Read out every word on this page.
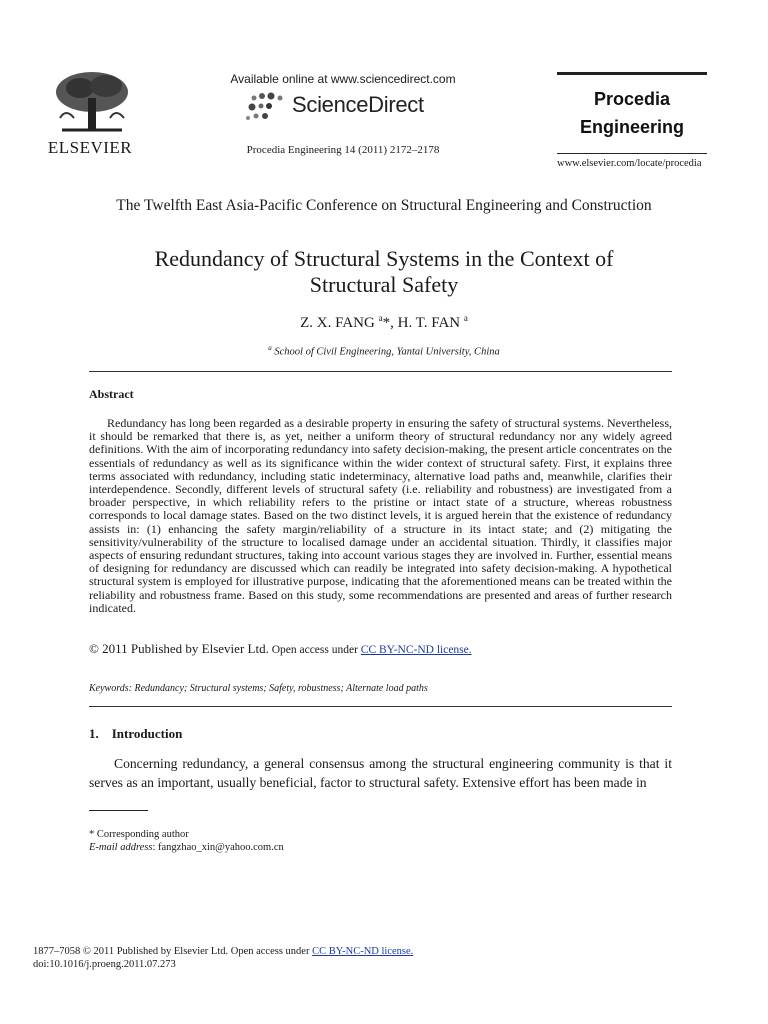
ELSEVIER
Available online at www.sciencedirect.com
ScienceDirect
Procedia Engineering 14 (2011) 2172–2178
Procedia
Engineering
www.elsevier.com/locate/procedia
The Twelfth East Asia-Pacific Conference on Structural Engineering and Construction
Redundancy of Structural Systems in the Context of
Structural Safety
Z. X. FANG $^a$*, H. T. FAN $^a$
$^a$ School of Civil Engineering, Yantai University, China
Abstract
Redundancy has long been regarded as a desirable property in ensuring the safety of structural systems. Nevertheless, it should be remarked that there is, as yet, neither a uniform theory of structural redundancy nor any widely agreed definitions. With the aim of incorporating redundancy into safety decision-making, the present article concentrates on the essentials of redundancy as well as its significance within the wider context of structural safety. First, it explains three terms associated with redundancy, including static indeterminacy, alternative load paths and, meanwhile, clarifies their interdependence. Secondly, different levels of structural safety (i.e. reliability and robustness) are investigated from a broader perspective, in which reliability refers to the pristine or intact state of a structure, whereas robustness corresponds to local damage states. Based on the two distinct levels, it is argued herein that the existence of redundancy assists in: (1) enhancing the safety margin/reliability of a structure in its intact state; and (2) mitigating the sensitivity/vulnerability of the structure to localised damage under an accidental situation. Thirdly, it classifies major aspects of ensuring redundant structures, taking into account various stages they are involved in. Further, essential means of designing for redundancy are discussed which can readily be integrated into safety decision-making. A hypothetical structural system is employed for illustrative purpose, indicating that the aforementioned means can be treated within the reliability and robustness frame. Based on this study, some recommendations are presented and areas of further research indicated.
© 2011 Published by Elsevier Ltd. Open access under CC BY-NC-ND license.
Keywords: Redundancy; Structural systems; Safety, robustness; Alternate load paths
1.    Introduction
Concerning redundancy, a general consensus among the structural engineering community is that it serves as an important, usually beneficial, factor to structural safety. Extensive effort has been made in
* Corresponding author
E-mail address: fangzhao_xin@yahoo.com.cn
1877–7058 © 2011 Published by Elsevier Ltd. Open access under CC BY-NC-ND license.
doi:10.1016/j.proeng.2011.07.273
